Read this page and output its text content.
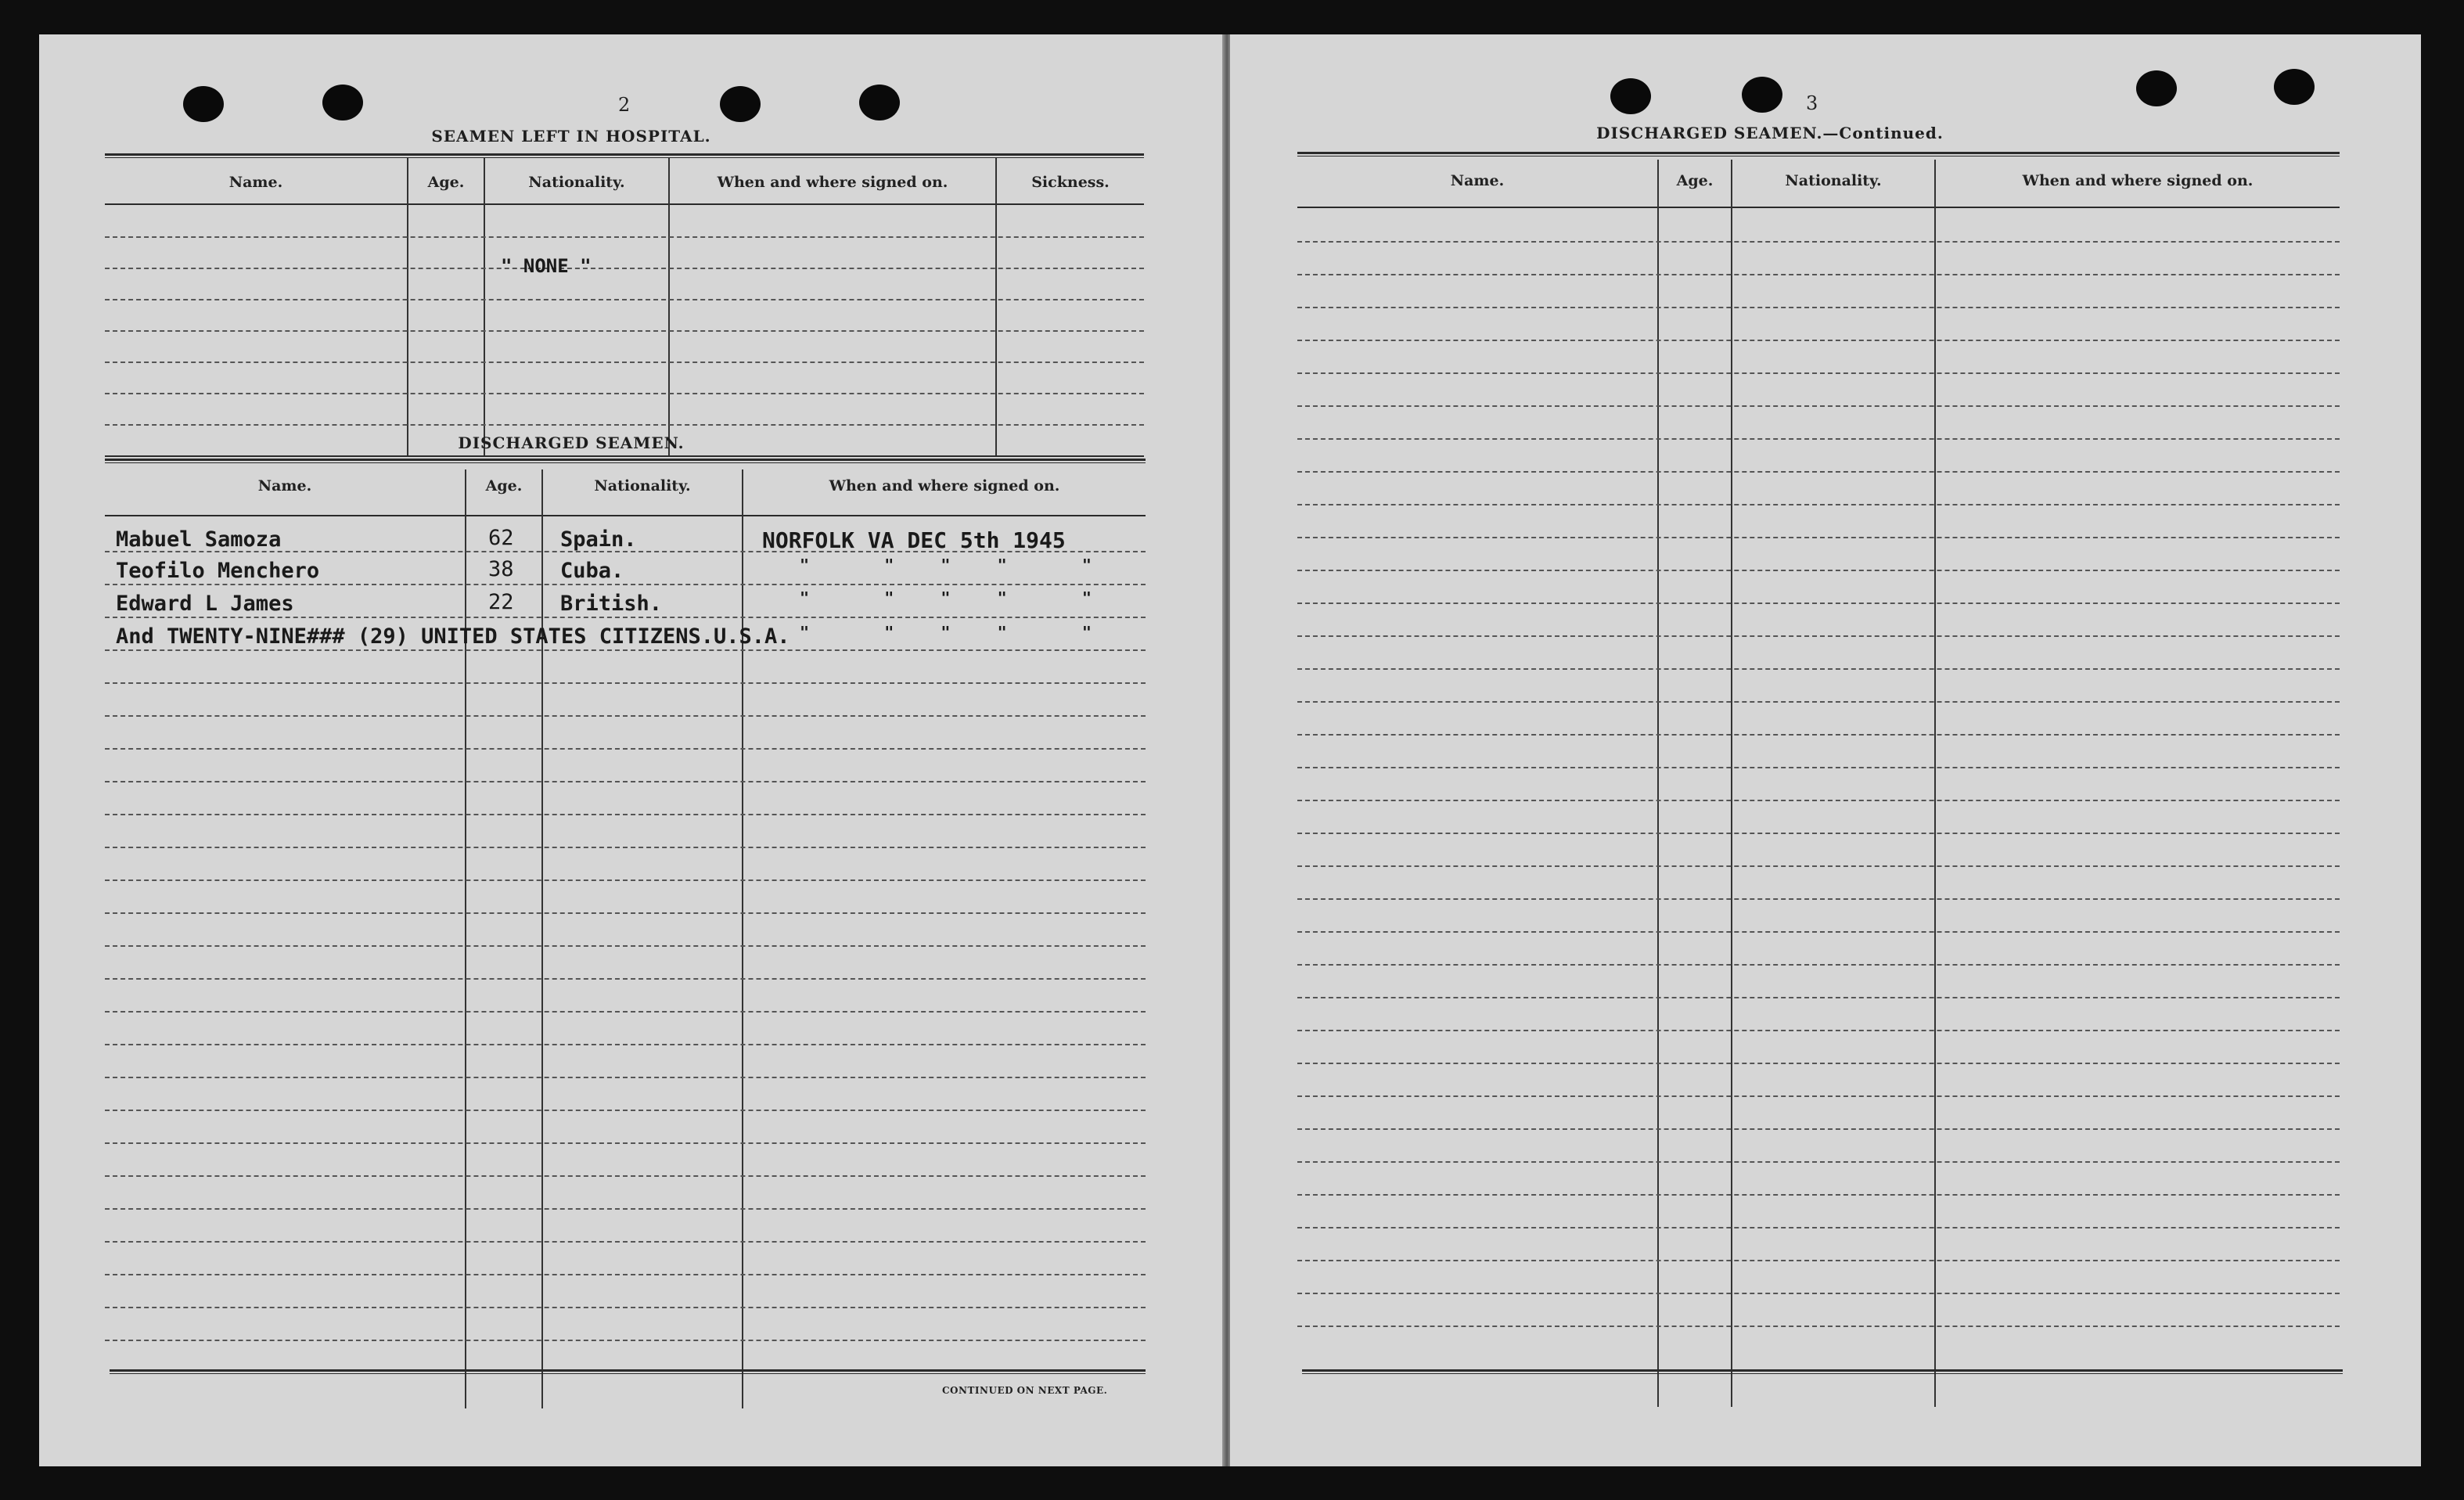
2
SEAMEN LEFT IN HOSPITAL.
Name.	Age.	Nationality.	When and where signed on.	Sickness.
" NONE "
DISCHARGED SEAMEN.
Name.	Age.	Nationality.	When and where signed on.
Mabuel Samoza	62 Spain.	NORFOLK VA DEC 5th 1945
Teofilo Menchero	38 Cuba.	"     "   "   "     "
Edward L James	22 British.	"     "   "   "     "
And TWENTY-NINE### (29) UNITED STATES CITIZENS.U.S.A. "     "   "   "     "
CONTINUED ON NEXT PAGE.
3
DISCHARGED SEAMEN.—Continued.
Name.	Age.	Nationality.	When and where signed on.
